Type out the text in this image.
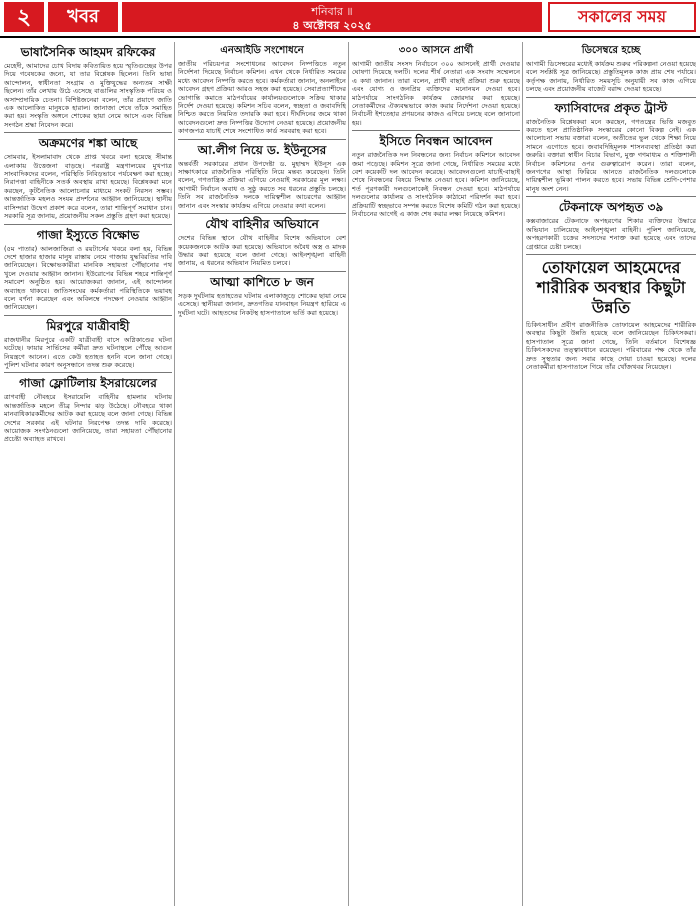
২	খবর	শনিবার ॥
৪ অক্টোবর ২০২৫	সকালের সময়
ভাষাসৈনিক আহমদ রফিকের

মেহেদী, আমাদের চোখ বিদায় কবিতায়িত হয়ে স্মৃতিগুচ্ছের উপর দিয়ে গবেষকের জন্যে, যা তার বিশ্লেষক ছিলেন। তিনি ভাষা আন্দোলন, স্বাধীনতা সংগ্রাম ও মুক্তিযুদ্ধের অন্যতম সাক্ষী ছিলেন। তাঁর লেখায় উঠে এসেছে বাঙালির সাংস্কৃতিক পরিচয় ও অসাম্প্রদায়িক চেতনা। বিশিষ্টজনেরা বলেন, তাঁর প্রয়াণে জাতি এক আলোকিত মানুষকে হারাল। জানাজা শেষে তাঁকে সমাহিত করা হয়। সংস্কৃতি অঙ্গনে শোকের ছায়া নেমে আসে এবং বিভিন্ন সংগঠন শ্রদ্ধা নিবেদন করে।

অক্রমণের শঙ্কা আছে

সোমবার, ইসলামাবাদ থেকে প্রাপ্ত খবরে বলা হয়েছে সীমান্ত এলাকায় উত্তেজনা বাড়ছে। পররাষ্ট্র মন্ত্রণালয়ের মুখপাত্র সাংবাদিকদের বলেন, পরিস্থিতি নিবিড়ভাবে পর্যবেক্ষণ করা হচ্ছে। নিরাপত্তা বাহিনীকে সতর্ক অবস্থায় রাখা হয়েছে। বিশ্লেষকরা মনে করছেন, কূটনৈতিক আলোচনার মাধ্যমে সংকট নিরসন সম্ভব। আন্তর্জাতিক মহলও সংযম প্রদর্শনের আহ্বান জানিয়েছে। স্থানীয় বাসিন্দারা উদ্বেগ প্রকাশ করে বলেন, তারা শান্তিপূর্ণ সমাধান চান। সরকারি সূত্র জানায়, প্রয়োজনীয় সকল প্রস্তুতি গ্রহণ করা হয়েছে।

গাজা ইস্যুতে বিক্ষোভ

(৫ম পাতার) আলজাজিরা ও রয়টার্সের খবরে বলা হয়, বিভিন্ন দেশে হাজার হাজার মানুষ রাস্তায় নেমে গাজায় যুদ্ধবিরতির দাবি জানিয়েছেন। বিক্ষোভকারীরা মানবিক সহায়তা পৌঁছানোর পথ খুলে দেওয়ার আহ্বান জানান। ইউরোপের বিভিন্ন শহরে শান্তিপূর্ণ সমাবেশ অনুষ্ঠিত হয়। আয়োজকরা জানান, এই আন্দোলন অব্যাহত থাকবে। জাতিসংঘের কর্মকর্তারা পরিস্থিতিকে ভয়াবহ বলে বর্ণনা করেছেন এবং অবিলম্বে পদক্ষেপ নেওয়ার আহ্বান জানিয়েছেন।

মিরপুরে যাত্রীবাহী

রাজধানীর মিরপুরে একটি যাত্রীবাহী বাসে অগ্নিকাণ্ডের ঘটনা ঘটেছে। ফায়ার সার্ভিসের কর্মীরা দ্রুত ঘটনাস্থলে পৌঁছে আগুন নিয়ন্ত্রণে আনেন। এতে কেউ হতাহত হননি বলে জানা গেছে। পুলিশ ঘটনার কারণ অনুসন্ধানে তদন্ত শুরু করেছে।

গাজা ফ্লোটিলায় ইসরায়েলের

ত্রাণবাহী নৌবহরে ইসরায়েলি বাহিনীর হামলার ঘটনায় আন্তর্জাতিক মহলে তীব্র নিন্দার ঝড় উঠেছে। নৌবহরে থাকা মানবাধিকারকর্মীদের আটক করা হয়েছে বলে জানা গেছে। বিভিন্ন দেশের সরকার এই ঘটনার নিরপেক্ষ তদন্ত দাবি করেছে। আয়োজক সংগঠনগুলো জানিয়েছে, তারা সহায়তা পৌঁছানোর প্রচেষ্টা অব্যাহত রাখবে।

এনআইডি সংশোধনে

জাতীয় পরিচয়পত্র সংশোধনের আবেদন নিষ্পত্তিতে নতুন নির্দেশনা দিয়েছে নির্বাচন কমিশন। এখন থেকে নির্ধারিত সময়ের মধ্যে আবেদন নিষ্পত্তি করতে হবে। কর্মকর্তারা জানান, অনলাইনে আবেদন গ্রহণ প্রক্রিয়া আরও সহজ করা হয়েছে। সেবাপ্রত্যাশীদের ভোগান্তি কমাতে মাঠপর্যায়ের কার্যালয়গুলোকে সক্রিয় থাকার নির্দেশ দেওয়া হয়েছে। কমিশন সচিব বলেন, স্বচ্ছতা ও জবাবদিহি নিশ্চিত করতে নিয়মিত তদারকি করা হবে। দীর্ঘদিনের জমে থাকা আবেদনগুলো দ্রুত নিষ্পত্তির উদ্যোগ নেওয়া হয়েছে। প্রয়োজনীয় কাগজপত্র যাচাই শেষে সংশোধিত কার্ড সরবরাহ করা হবে।

আ.লীগ নিয়ে ড. ইউনূসের

অন্তর্বর্তী সরকারের প্রধান উপদেষ্টা ড. মুহাম্মদ ইউনূস এক সাক্ষাৎকারে রাজনৈতিক পরিস্থিতি নিয়ে মন্তব্য করেছেন। তিনি বলেন, গণতান্ত্রিক প্রক্রিয়া এগিয়ে নেওয়াই সরকারের মূল লক্ষ্য। আগামী নির্বাচন অবাধ ও সুষ্ঠু করতে সব ধরনের প্রস্তুতি চলছে। তিনি সব রাজনৈতিক দলকে দায়িত্বশীল আচরণের আহ্বান জানান এবং সংস্কার কার্যক্রম এগিয়ে নেওয়ার কথা বলেন।

যৌথ বাহিনীর অভিযানে

দেশের বিভিন্ন স্থানে যৌথ বাহিনীর বিশেষ অভিযানে বেশ কয়েকজনকে আটক করা হয়েছে। অভিযানে অবৈধ অস্ত্র ও মাদক উদ্ধার করা হয়েছে বলে জানা গেছে। আইনশৃঙ্খলা বাহিনী জানায়, এ ধরনের অভিযান নিয়মিত চলবে।

আত্মা কাশিতে ৮ জন

সড়ক দুর্ঘটনায় হতাহতের ঘটনায় এলাকাজুড়ে শোকের ছায়া নেমে এসেছে। স্থানীয়রা জানান, দ্রুতগতির যানবাহন নিয়ন্ত্রণ হারিয়ে এ দুর্ঘটনা ঘটে। আহতদের নিকটস্থ হাসপাতালে ভর্তি করা হয়েছে।

৩০০ আসনে প্রার্থী

আগামী জাতীয় সংসদ নির্বাচনে ৩০০ আসনেই প্রার্থী দেওয়ার ঘোষণা দিয়েছে দলটি। দলের শীর্ষ নেতারা এক সংবাদ সম্মেলনে এ কথা জানান। তারা বলেন, প্রার্থী বাছাই প্রক্রিয়া শুরু হয়েছে এবং যোগ্য ও জনপ্রিয় ব্যক্তিদের মনোনয়ন দেওয়া হবে। মাঠপর্যায়ে সাংগঠনিক কার্যক্রম জোরদার করা হয়েছে। নেতাকর্মীদের ঐক্যবদ্ধভাবে কাজ করার নির্দেশনা দেওয়া হয়েছে। নির্বাচনী ইশতেহার প্রণয়নের কাজও এগিয়ে চলছে বলে জানানো হয়।

ইসিতে নিবন্ধন আবেদন

নতুন রাজনৈতিক দল নিবন্ধনের জন্য নির্বাচন কমিশনে আবেদন জমা পড়েছে। কমিশন সূত্রে জানা গেছে, নির্ধারিত সময়ের মধ্যে বেশ কয়েকটি দল আবেদন করেছে। আবেদনগুলো যাচাই-বাছাই শেষে নিবন্ধনের বিষয়ে সিদ্ধান্ত নেওয়া হবে। কমিশন জানিয়েছে, শর্ত পূরণকারী দলগুলোকেই নিবন্ধন দেওয়া হবে। মাঠপর্যায়ে দলগুলোর কার্যালয় ও সাংগঠনিক কাঠামো পরিদর্শন করা হবে। প্রক্রিয়াটি স্বচ্ছভাবে সম্পন্ন করতে বিশেষ কমিটি গঠন করা হয়েছে। নির্বাচনের আগেই এ কাজ শেষ করার লক্ষ্য নিয়েছে কমিশন।

ডিসেম্বরে হচ্ছে

আগামী ডিসেম্বরের মধ্যেই কার্যক্রম শুরুর পরিকল্পনা নেওয়া হয়েছে বলে সংশ্লিষ্ট সূত্র জানিয়েছে। প্রস্তুতিমূলক কাজ প্রায় শেষ পর্যায়ে। কর্তৃপক্ষ জানায়, নির্ধারিত সময়সূচি অনুযায়ী সব কাজ এগিয়ে চলছে এবং প্রয়োজনীয় বাজেট বরাদ্দ দেওয়া হয়েছে।

ফ্যাসিবাদের প্রকৃত ট্রাস্ট

রাজনৈতিক বিশ্লেষকরা মনে করছেন, গণতন্ত্রের ভিত্তি মজবুত করতে হলে প্রাতিষ্ঠানিক সংস্কারের কোনো বিকল্প নেই। এক আলোচনা সভায় বক্তারা বলেন, অতীতের ভুল থেকে শিক্ষা নিয়ে সামনে এগোতে হবে। জবাবদিহিমূলক শাসনব্যবস্থা প্রতিষ্ঠা করা জরুরি। বক্তারা স্বাধীন বিচার বিভাগ, মুক্ত গণমাধ্যম ও শক্তিশালী নির্বাচন কমিশনের ওপর গুরুত্বারোপ করেন। তারা বলেন, জনগণের আস্থা ফিরিয়ে আনতে রাজনৈতিক দলগুলোকে দায়িত্বশীল ভূমিকা পালন করতে হবে। সভায় বিভিন্ন শ্রেণি-পেশার মানুষ অংশ নেন।

টেকনাফে অপহৃত ৩৯

কক্সবাজারের টেকনাফে অপহরণের শিকার ব্যক্তিদের উদ্ধারে অভিযান চালিয়েছে আইনশৃঙ্খলা বাহিনী। পুলিশ জানিয়েছে, অপহরণকারী চক্রের সদস্যদের শনাক্ত করা হয়েছে এবং তাদের গ্রেপ্তারে চেষ্টা চলছে।

তোফায়েল আহমেদের শারীরিক অবস্থার কিছুটা উন্নতি

চিকিৎসাধীন প্রবীণ রাজনীতিক তোফায়েল আহমেদের শারীরিক অবস্থার কিছুটা উন্নতি হয়েছে বলে জানিয়েছেন চিকিৎসকরা। হাসপাতাল সূত্রে জানা গেছে, তিনি বর্তমানে বিশেষজ্ঞ চিকিৎসকদের তত্ত্বাবধানে রয়েছেন। পরিবারের পক্ষ থেকে তাঁর দ্রুত সুস্থতার জন্য সবার কাছে দোয়া চাওয়া হয়েছে। দলের নেতাকর্মীরা হাসপাতালে গিয়ে তাঁর খোঁজখবর নিয়েছেন।
